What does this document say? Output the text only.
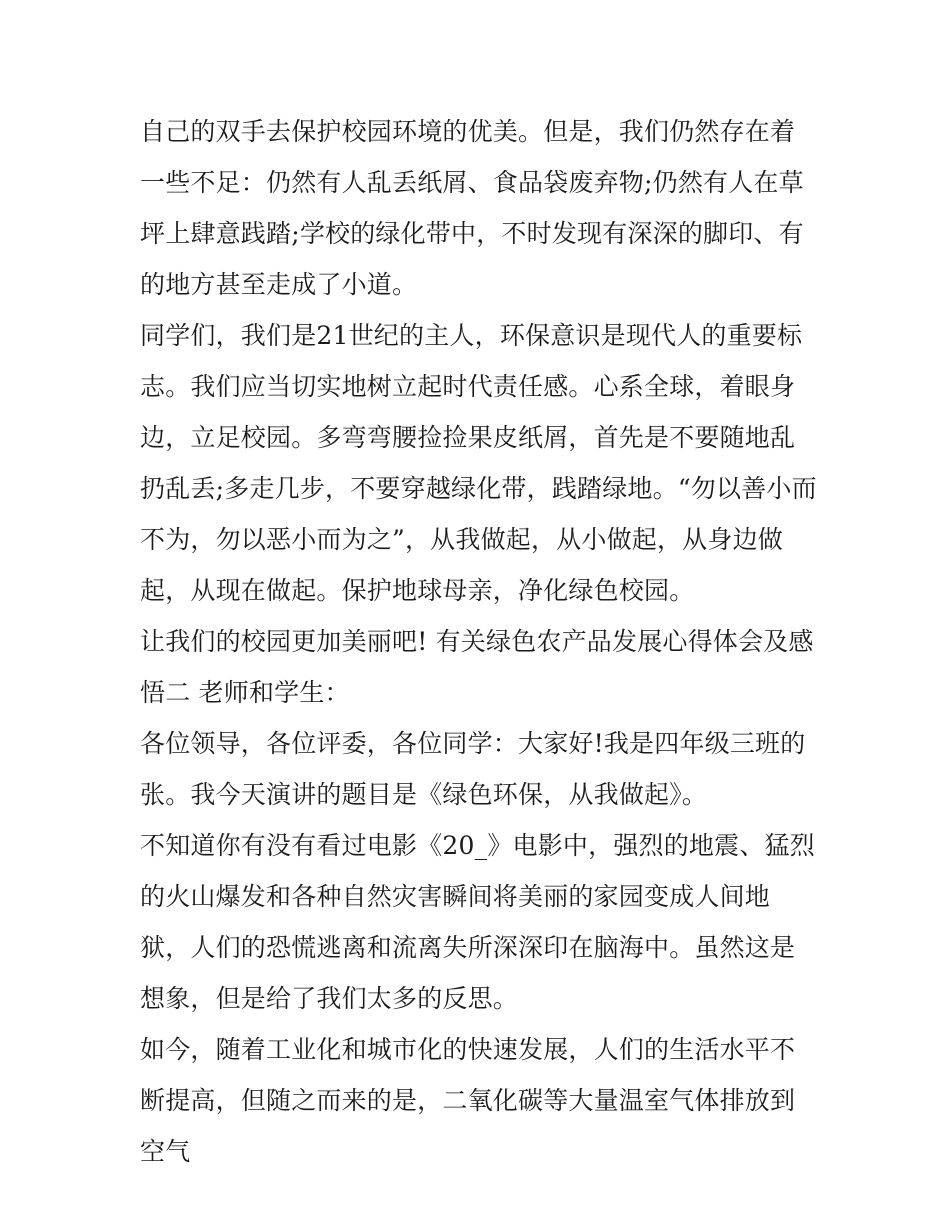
自己的双手去保护校园环境的优美。但是，我们仍然存在着一些不足：仍然有人乱丢纸屑、食品袋废弃物;仍然有人在草坪上肆意践踏;学校的绿化带中，不时发现有深深的脚印、有的地方甚至走成了小道。

同学们，我们是21世纪的主人，环保意识是现代人的重要标志。我们应当切实地树立起时代责任感。心系全球，着眼身边，立足校园。多弯弯腰捡捡果皮纸屑，首先是不要随地乱扔乱丢;多走几步，不要穿越绿化带，践踏绿地。“勿以善小而不为，勿以恶小而为之”，从我做起，从小做起，从身边做起，从现在做起。保护地球母亲，净化绿色校园。

让我们的校园更加美丽吧! 有关绿色农产品发展心得体会及感悟二 老师和学生：

各位领导，各位评委，各位同学：大家好!我是四年级三班的张。我今天演讲的题目是《绿色环保，从我做起》。

不知道你有没有看过电影《20_》电影中，强烈的地震、猛烈的火山爆发和各种自然灾害瞬间将美丽的家园变成人间地狱，人们的恐慌逃离和流离失所深深印在脑海中。虽然这是想象，但是给了我们太多的反思。

如今，随着工业化和城市化的快速发展，人们的生活水平不断提高，但随之而来的是，二氧化碳等大量温室气体排放到空气
